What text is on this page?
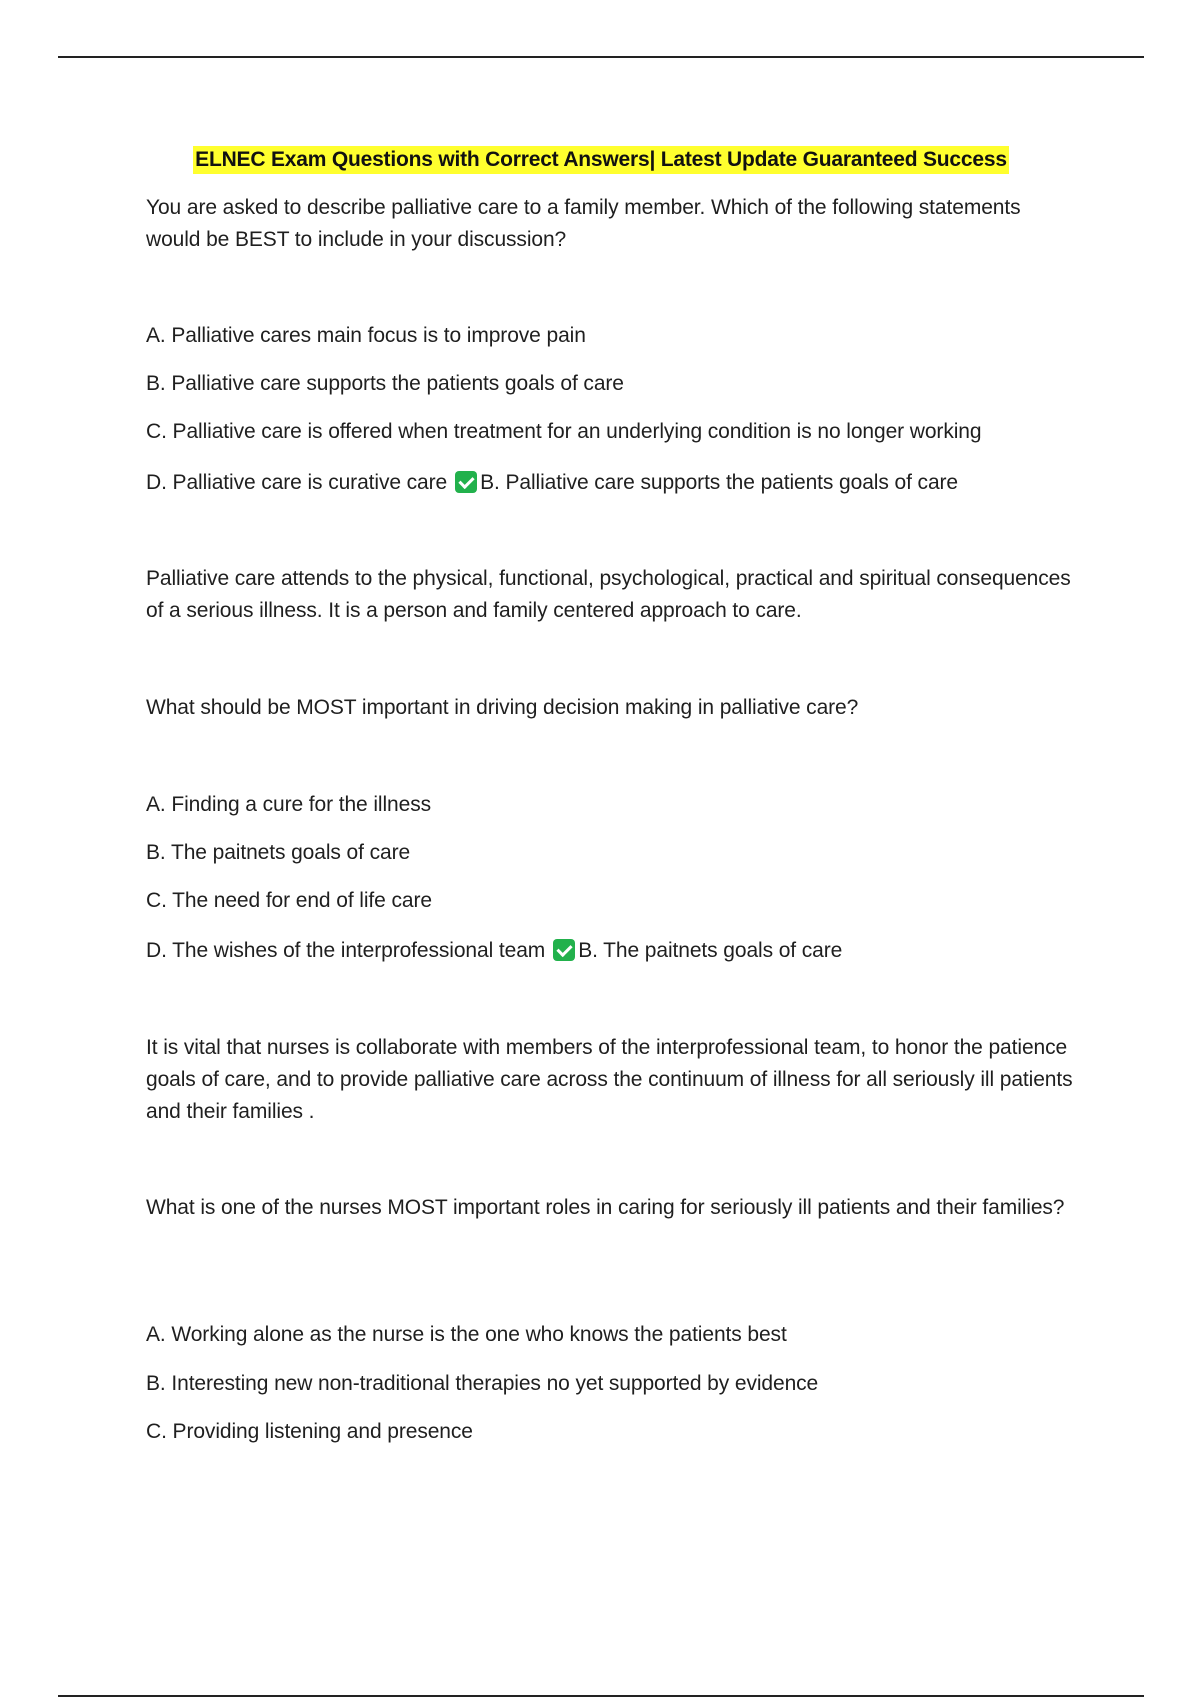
ELNEC Exam Questions with Correct Answers| Latest Update Guaranteed Success
You are asked to describe palliative care to a family member. Which of the following statements would be BEST to include in your discussion?
A. Palliative cares main focus is to improve pain
B. Palliative care supports the patients goals of care
C. Palliative care is offered when treatment for an underlying condition is no longer working
D. Palliative care is curative care B. Palliative care supports the patients goals of care
Palliative care attends to the physical, functional, psychological, practical and spiritual consequences of a serious illness. It is a person and family centered approach to care.
What should be MOST important in driving decision making in palliative care?
A. Finding a cure for the illness
B. The paitnets goals of care
C. The need for end of life care
D. The wishes of the interprofessional team B. The paitnets goals of care
It is vital that nurses is collaborate with members of the interprofessional team, to honor the patience goals of care, and to provide palliative care across the continuum of illness for all seriously ill patients and their families .
What is one of the nurses MOST important roles in caring for seriously ill patients and their families?
A. Working alone as the nurse is the one who knows the patients best
B. Interesting new non-traditional therapies no yet supported by evidence
C. Providing listening and presence
